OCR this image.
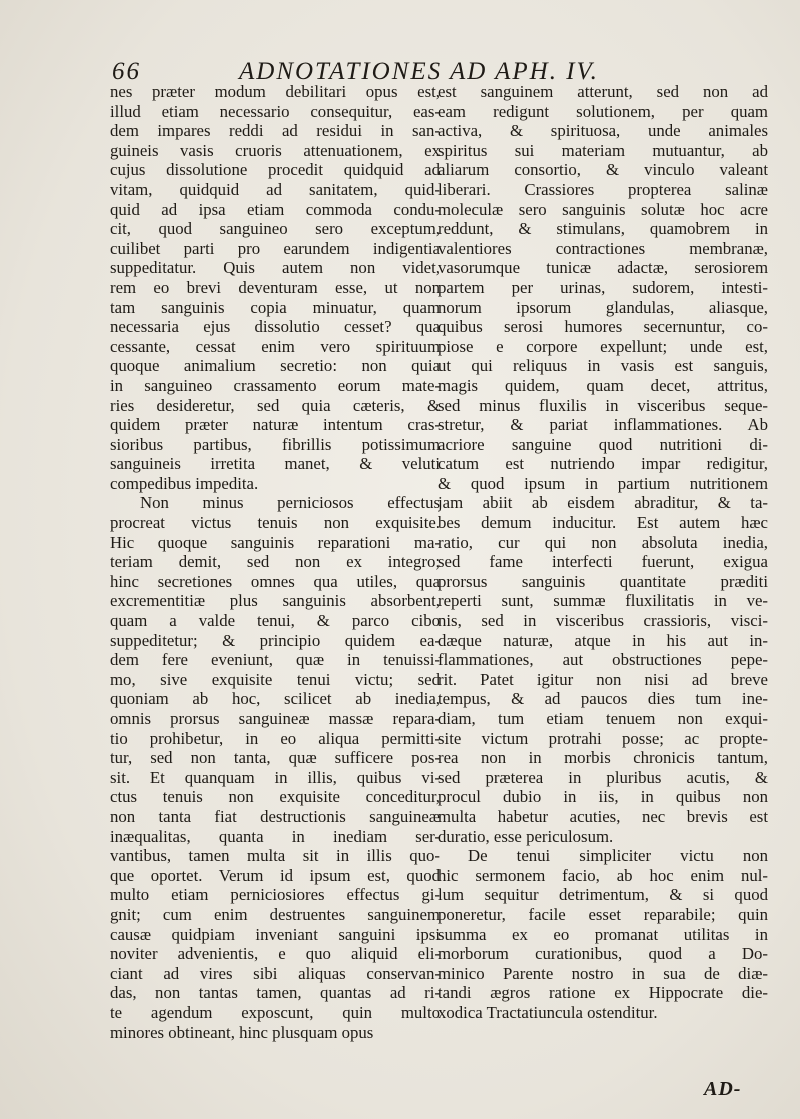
66	ADNOTATIONES AD APH. IV.
nes præter modum debilitari opus est,
illud etiam necessario consequitur, eas-
dem impares reddi ad residui in san-
guineis vasis cruoris attenuationem, ex
cujus dissolutione procedit quidquid ad
vitam, quidquid ad sanitatem, quid-
quid ad ipsa etiam commoda condu-
cit, quod sanguineo sero exceptum,
cuilibet parti pro earundem indigentia
suppeditatur. Quis autem non videt,
rem eo brevi deventuram esse, ut non
tam sanguinis copia minuatur, quam
necessaria ejus dissolutio cesset? qua
cessante, cessat enim vero spirituum
quoque animalium secretio: non quia
in sanguineo crassamento eorum mate-
ries desideretur, sed quia cæteris, &
quidem præter naturæ intentum cras-
sioribus partibus, fibrillis potissimum
sanguineis irretita manet, & veluti
compedibus impedita.
Non minus perniciosos effectus
procreat victus tenuis non exquisite.
Hic quoque sanguinis reparationi ma-
teriam demit, sed non ex integro;
hinc secretiones omnes qua utiles, qua
excrementitiæ plus sanguinis absorbent,
quam a valde tenui, & parco cibo
suppeditetur; & principio quidem ea-
dem fere eveniunt, quæ in tenuissi-
mo, sive exquisite tenui victu; sed
quoniam ab hoc, scilicet ab inedia,
omnis prorsus sanguineæ massæ repara-
tio prohibetur, in eo aliqua permitti-
tur, sed non tanta, quæ sufficere pos-
sit. Et quanquam in illis, quibus vi-
ctus tenuis non exquisite conceditur,
non tanta fiat destructionis sanguineæ
inæqualitas, quanta in inediam ser-
vantibus, tamen multa sit in illis quo-
que oportet. Verum id ipsum est, quod
multo etiam perniciosiores effectus gi-
gnit; cum enim destruentes sanguinem
causæ quidpiam inveniant sanguini ipsi
noviter advenientis, e quo aliquid eli-
ciant ad vires sibi aliquas conservan-
das, non tantas tamen, quantas ad ri-
te agendum exposcunt, quin multo
minores obtineant, hinc plusquam opus
est sanguinem atterunt, sed non ad
eam redigunt solutionem, per quam
activa, & spirituosa, unde animales
spiritus sui materiam mutuantur, ab
aliarum consortio, & vinculo valeant
liberari. Crassiores propterea salinæ
moleculæ sero sanguinis solutæ hoc acre
reddunt, & stimulans, quamobrem in
valentiores contractiones membranæ,
vasorumque tunicæ adactæ, serosiorem
partem per urinas, sudorem, intesti-
norum ipsorum glandulas, aliasque,
quibus serosi humores secernuntur, co-
piose e corpore expellunt; unde est,
ut qui reliquus in vasis est sanguis,
magis quidem, quam decet, attritus,
sed minus fluxilis in visceribus seque-
stretur, & pariat inflammationes. Ab
acriore sanguine quod nutritioni di-
catum est nutriendo impar redigitur,
& quod ipsum in partium nutritionem
jam abiit ab eisdem abraditur, & ta-
bes demum inducitur. Est autem hæc
ratio, cur qui non absoluta inedia,
sed fame interfecti fuerunt, exigua
prorsus sanguinis quantitate præditi
reperti sunt, summæ fluxilitatis in ve-
nis, sed in visceribus crassioris, visci-
dæque naturæ, atque in his aut in-
flammationes, aut obstructiones pepe-
rit. Patet igitur non nisi ad breve
tempus, & ad paucos dies tum ine-
diam, tum etiam tenuem non exqui-
site victum protrahi posse; ac propte-
rea non in morbis chronicis tantum,
sed præterea in pluribus acutis, &
procul dubio in iis, in quibus non
multa habetur acuties, nec brevis est
duratio, esse periculosum.
De tenui simpliciter victu non
hic sermonem facio, ab hoc enim nul-
lum sequitur detrimentum, & si quod
poneretur, facile esset reparabile; quin
summa ex eo promanat utilitas in
morborum curationibus, quod a Do-
minico Parente nostro in sua de diæ-
tandi ægros ratione ex Hippocrate die-
xodica Tractatiuncula ostenditur.
AD-
